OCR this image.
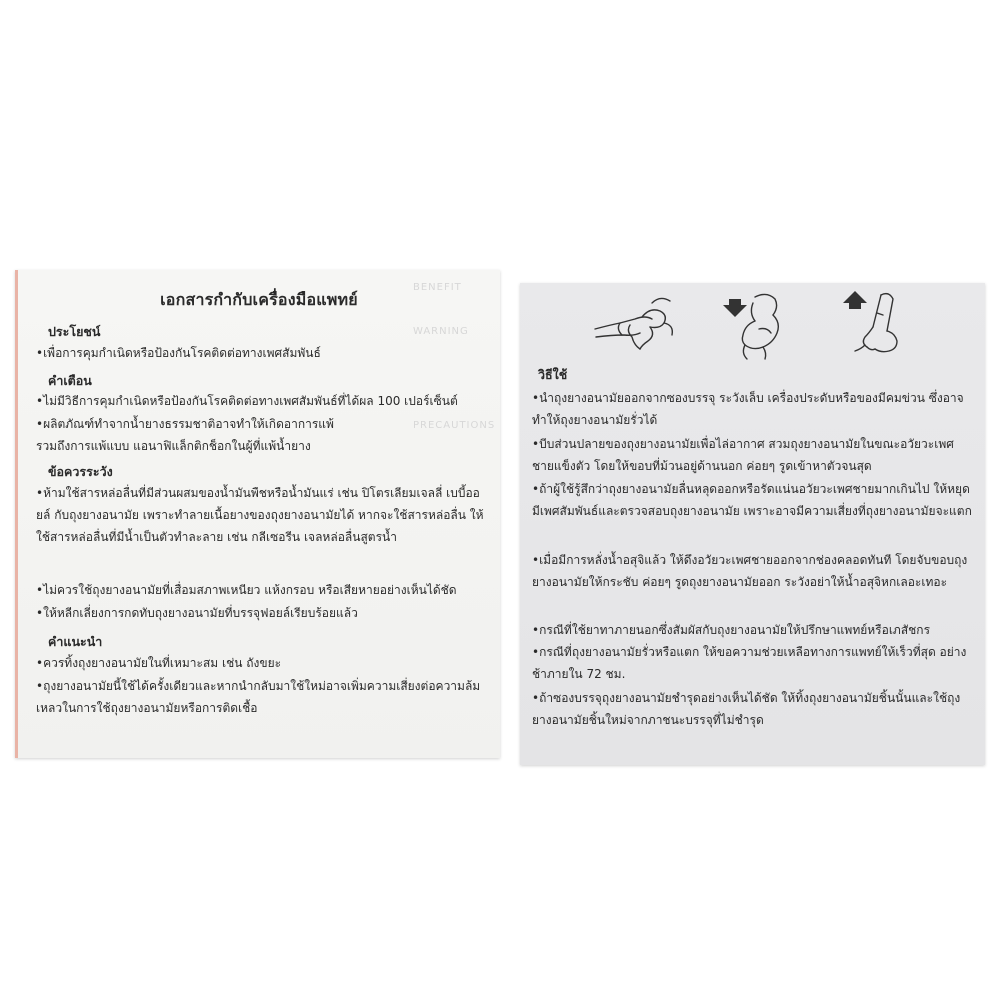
BENEFIT
WARNING
PRECAUTIONS
เอกสารกำกับเครื่องมือแพทย์
ประโยชน์
•เพื่อการคุมกำเนิดหรือป้องกันโรคติดต่อทางเพศสัมพันธ์
คำเตือน
•ไม่มีวิธีการคุมกำเนิดหรือป้องกันโรคติดต่อทางเพศสัมพันธ์ที่ได้ผล 100 เปอร์เซ็นต์
•ผลิตภัณฑ์ทำจากน้ำยางธรรมชาติอาจทำให้เกิดอาการแพ้ รวมถึงการแพ้แบบ แอนาฟิแล็กติกช็อกในผู้ที่แพ้น้ำยาง
ข้อควรระวัง
•ห้ามใช้สารหล่อลื่นที่มีส่วนผสมของน้ำมันพืชหรือน้ำมันแร่ เช่น ปิโตรเลียมเจลลี่ เบบี้ออยล์ กับถุงยางอนามัย เพราะทำลายเนื้อยางของถุงยางอนามัยได้ หากจะใช้สารหล่อลื่น ให้ใช้สารหล่อลื่นที่มีน้ำเป็นตัวทำละลาย เช่น กลีเซอรีน เจลหล่อลื่นสูตรน้ำ
•ไม่ควรใช้ถุงยางอนามัยที่เสื่อมสภาพเหนียว แห้งกรอบ หรือเสียหายอย่างเห็นได้ชัด
•ให้หลีกเลี่ยงการกดทับถุงยางอนามัยที่บรรจุฟอยล์เรียบร้อยแล้ว
คำแนะนำ
•ควรทิ้งถุงยางอนามัยในที่เหมาะสม เช่น ถังขยะ
•ถุงยางอนามัยนี้ใช้ได้ครั้งเดียวและหากนำกลับมาใช้ใหม่อาจเพิ่มความเสี่ยงต่อความล้มเหลวในการใช้ถุงยางอนามัยหรือการติดเชื้อ
วิธีใช้
•นำถุงยางอนามัยออกจากซองบรรจุ ระวังเล็บ เครื่องประดับหรือของมีคมข่วน ซึ่งอาจทำให้ถุงยางอนามัยรั่วได้
•บีบส่วนปลายของถุงยางอนามัยเพื่อไล่อากาศ สวมถุงยางอนามัยในขณะอวัยวะเพศชายแข็งตัว โดยให้ขอบที่ม้วนอยู่ด้านนอก ค่อยๆ รูดเข้าหาตัวจนสุด
•ถ้าผู้ใช้รู้สึกว่าถุงยางอนามัยลื่นหลุดออกหรือรัดแน่นอวัยวะเพศชายมากเกินไป ให้หยุดมีเพศสัมพันธ์และตรวจสอบถุงยางอนามัย เพราะอาจมีความเสี่ยงที่ถุงยางอนามัยจะแตก
•เมื่อมีการหลั่งน้ำอสุจิแล้ว ให้ดึงอวัยวะเพศชายออกจากช่องคลอดทันที โดยจับขอบถุงยางอนามัยให้กระชับ ค่อยๆ รูดถุงยางอนามัยออก ระวังอย่าให้น้ำอสุจิหกเลอะเทอะ
•กรณีที่ใช้ยาทาภายนอกซึ่งสัมผัสกับถุงยางอนามัยให้ปรึกษาแพทย์หรือเภสัชกร
•กรณีที่ถุงยางอนามัยรั่วหรือแตก ให้ขอความช่วยเหลือทางการแพทย์ให้เร็วที่สุด อย่างช้าภายใน 72 ชม.
•ถ้าซองบรรจุถุงยางอนามัยชำรุดอย่างเห็นได้ชัด ให้ทิ้งถุงยางอนามัยชิ้นนั้นและใช้ถุงยางอนามัยชิ้นใหม่จากภาชนะบรรจุที่ไม่ชำรุด
